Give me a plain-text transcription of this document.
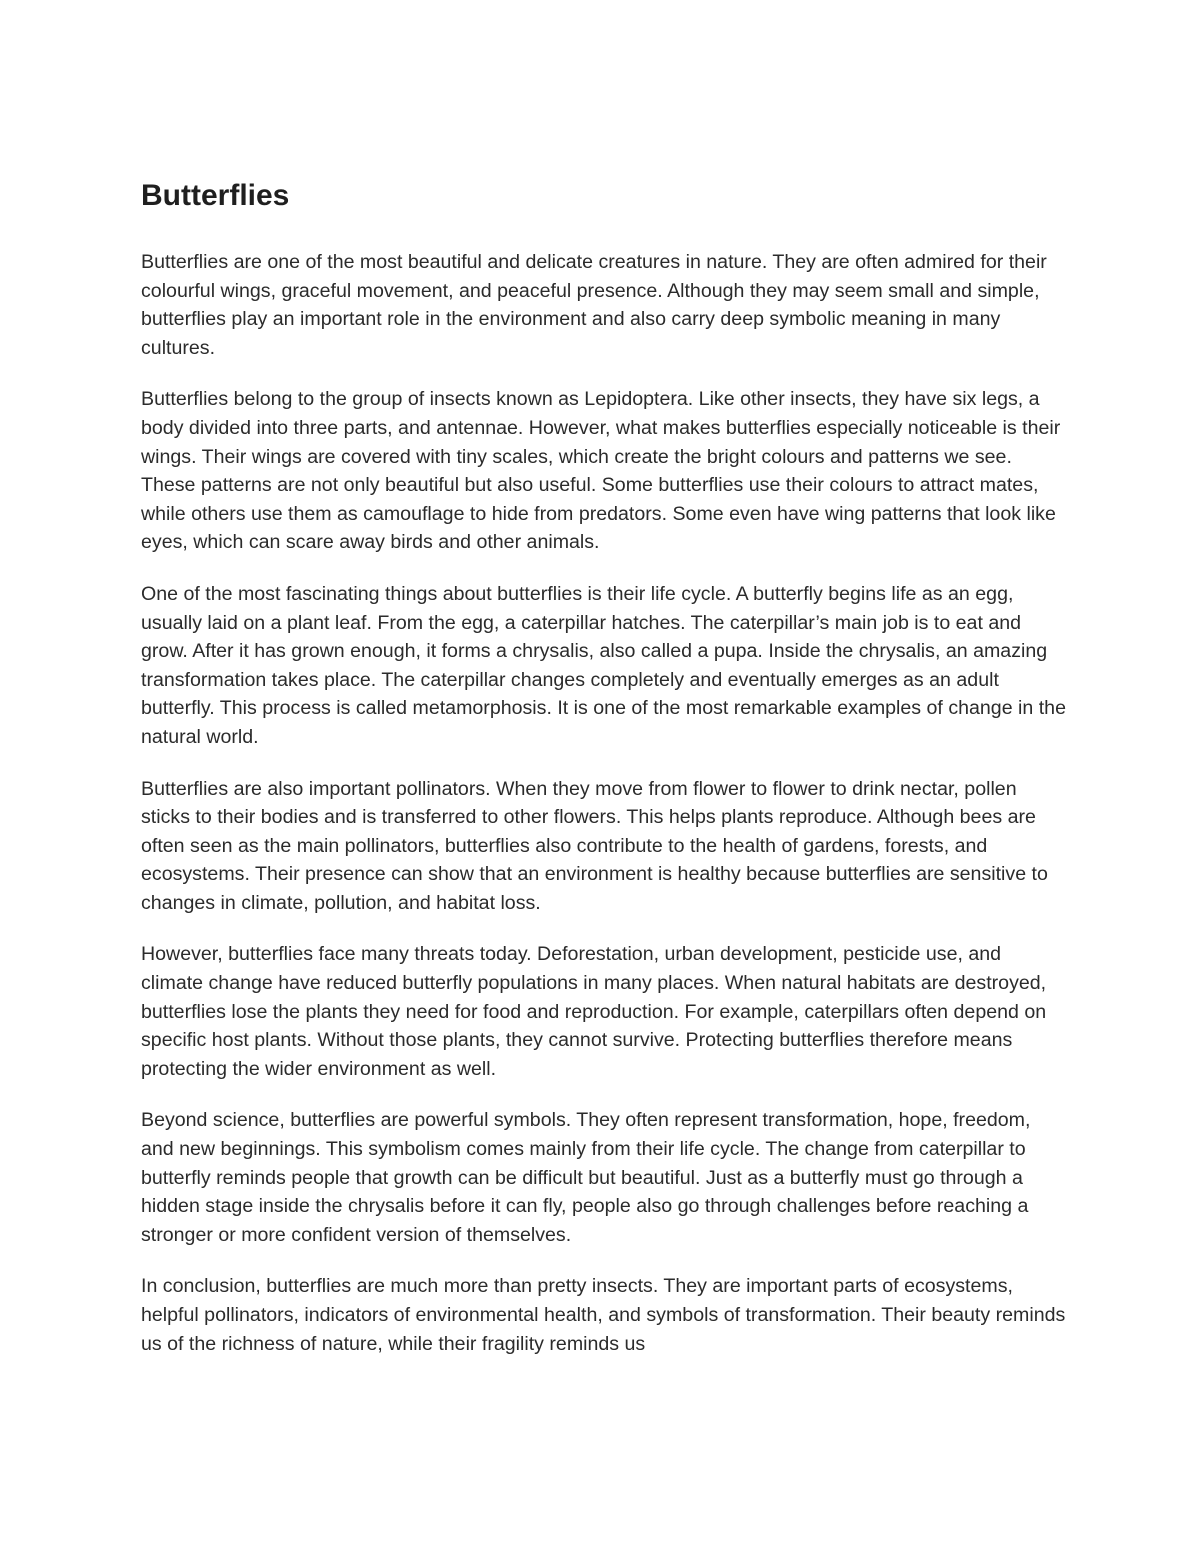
Butterflies

Butterflies are one of the most beautiful and delicate creatures in nature. They are often admired for their colourful wings, graceful movement, and peaceful presence. Although they may seem small and simple, butterflies play an important role in the environment and also carry deep symbolic meaning in many cultures.

Butterflies belong to the group of insects known as Lepidoptera. Like other insects, they have six legs, a body divided into three parts, and antennae. However, what makes butterflies especially noticeable is their wings. Their wings are covered with tiny scales, which create the bright colours and patterns we see. These patterns are not only beautiful but also useful. Some butterflies use their colours to attract mates, while others use them as camouflage to hide from predators. Some even have wing patterns that look like eyes, which can scare away birds and other animals.

One of the most fascinating things about butterflies is their life cycle. A butterfly begins life as an egg, usually laid on a plant leaf. From the egg, a caterpillar hatches. The caterpillar’s main job is to eat and grow. After it has grown enough, it forms a chrysalis, also called a pupa. Inside the chrysalis, an amazing transformation takes place. The caterpillar changes completely and eventually emerges as an adult butterfly. This process is called metamorphosis. It is one of the most remarkable examples of change in the natural world.

Butterflies are also important pollinators. When they move from flower to flower to drink nectar, pollen sticks to their bodies and is transferred to other flowers. This helps plants reproduce. Although bees are often seen as the main pollinators, butterflies also contribute to the health of gardens, forests, and ecosystems. Their presence can show that an environment is healthy because butterflies are sensitive to changes in climate, pollution, and habitat loss.

However, butterflies face many threats today. Deforestation, urban development, pesticide use, and climate change have reduced butterfly populations in many places. When natural habitats are destroyed, butterflies lose the plants they need for food and reproduction. For example, caterpillars often depend on specific host plants. Without those plants, they cannot survive. Protecting butterflies therefore means protecting the wider environment as well.

Beyond science, butterflies are powerful symbols. They often represent transformation, hope, freedom, and new beginnings. This symbolism comes mainly from their life cycle. The change from caterpillar to butterfly reminds people that growth can be difficult but beautiful. Just as a butterfly must go through a hidden stage inside the chrysalis before it can fly, people also go through challenges before reaching a stronger or more confident version of themselves.

In conclusion, butterflies are much more than pretty insects. They are important parts of ecosystems, helpful pollinators, indicators of environmental health, and symbols of transformation. Their beauty reminds us of the richness of nature, while their fragility reminds us
